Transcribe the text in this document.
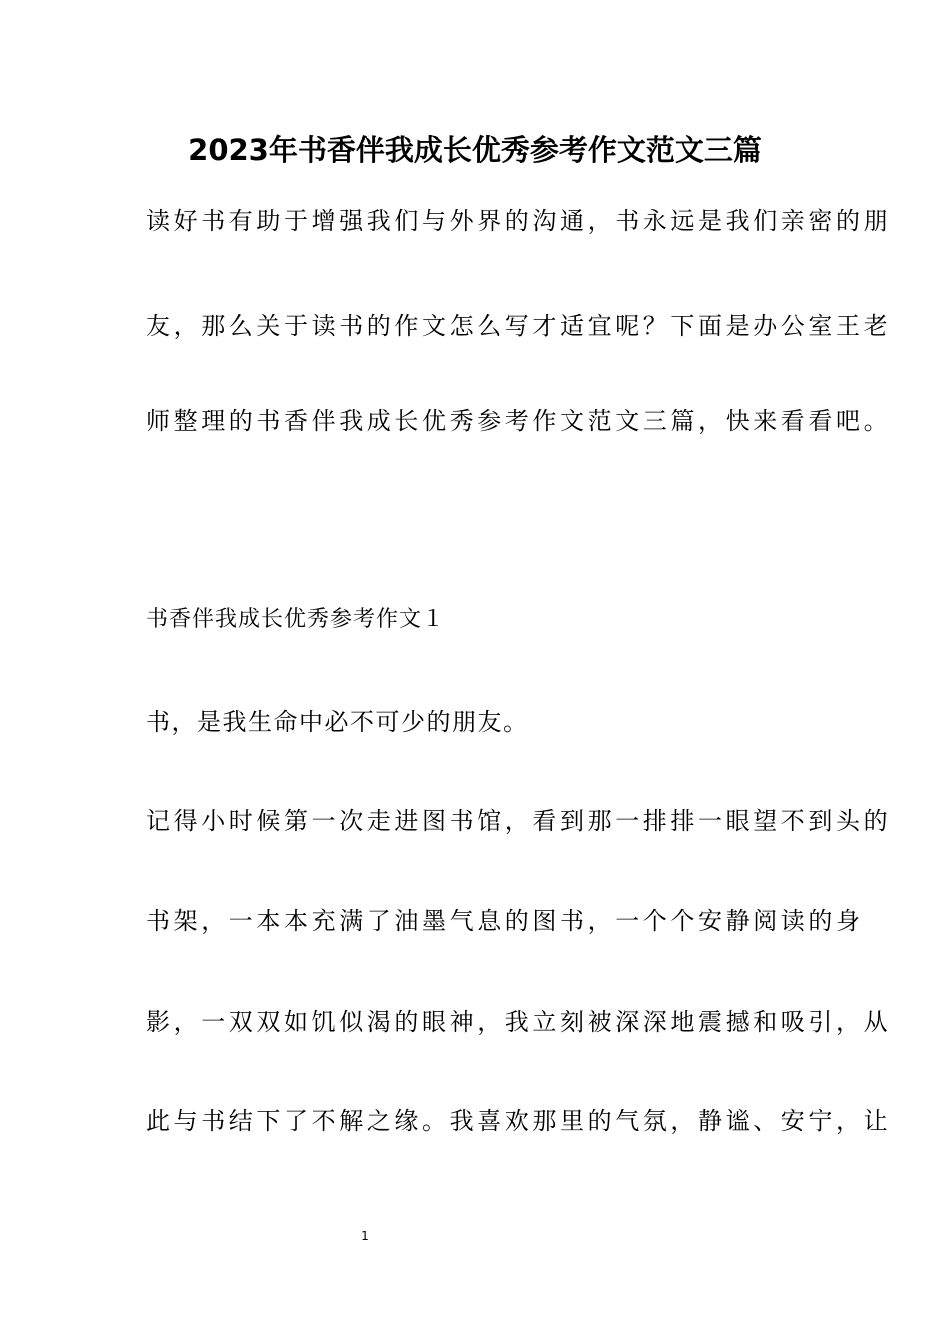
2023年书香伴我成长优秀参考作文范文三篇
读好书有助于增强我们与外界的沟通，书永远是我们亲密的朋
友，那么关于读书的作文怎么写才适宜呢？下面是办公室王老
师整理的书香伴我成长优秀参考作文范文三篇，快来看看吧。
书香伴我成长优秀参考作文１
书，是我生命中必不可少的朋友。
记得小时候第一次走进图书馆，看到那一排排一眼望不到头的
书架，一本本充满了油墨气息的图书，一个个安静阅读的身
影，一双双如饥似渴的眼神，我立刻被深深地震撼和吸引，从
此与书结下了不解之缘。我喜欢那里的气氛，静谧、安宁，让
1
